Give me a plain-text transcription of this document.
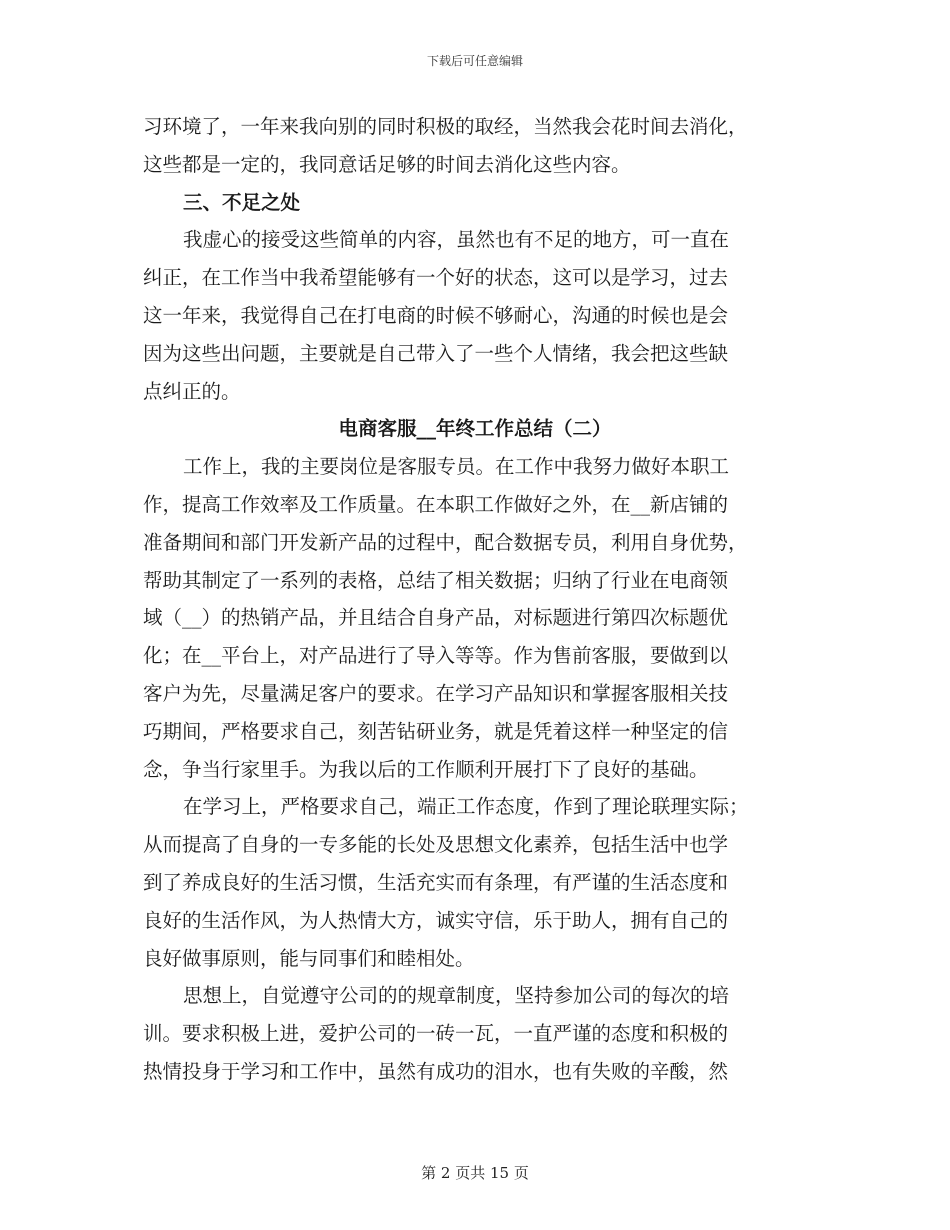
下载后可任意编辑
习环境了，一年来我向别的同时积极的取经，当然我会花时间去消化，
这些都是一定的，我同意话足够的时间去消化这些内容。
三、不足之处
我虚心的接受这些简单的内容，虽然也有不足的地方，可一直在
纠正，在工作当中我希望能够有一个好的状态，这可以是学习，过去
这一年来，我觉得自己在打电商的时候不够耐心，沟通的时候也是会
因为这些出问题，主要就是自己带入了一些个人情绪，我会把这些缺
点纠正的。
电商客服__年终工作总结（二）
工作上，我的主要岗位是客服专员。在工作中我努力做好本职工
作，提高工作效率及工作质量。在本职工作做好之外，在__新店铺的
准备期间和部门开发新产品的过程中，配合数据专员，利用自身优势，
帮助其制定了一系列的表格，总结了相关数据；归纳了行业在电商领
域（__）的热销产品，并且结合自身产品，对标题进行第四次标题优
化；在__平台上，对产品进行了导入等等。作为售前客服，要做到以
客户为先，尽量满足客户的要求。在学习产品知识和掌握客服相关技
巧期间，严格要求自己，刻苦钻研业务，就是凭着这样一种坚定的信
念，争当行家里手。为我以后的工作顺利开展打下了良好的基础。
在学习上，严格要求自己，端正工作态度，作到了理论联理实际；
从而提高了自身的一专多能的长处及思想文化素养，包括生活中也学
到了养成良好的生活习惯，生活充实而有条理，有严谨的生活态度和
良好的生活作风，为人热情大方，诚实守信，乐于助人，拥有自己的
良好做事原则，能与同事们和睦相处。
思想上，自觉遵守公司的的规章制度，坚持参加公司的每次的培
训。要求积极上进，爱护公司的一砖一瓦，一直严谨的态度和积极的
热情投身于学习和工作中，虽然有成功的泪水，也有失败的辛酸，然
第 2 页共 15 页
